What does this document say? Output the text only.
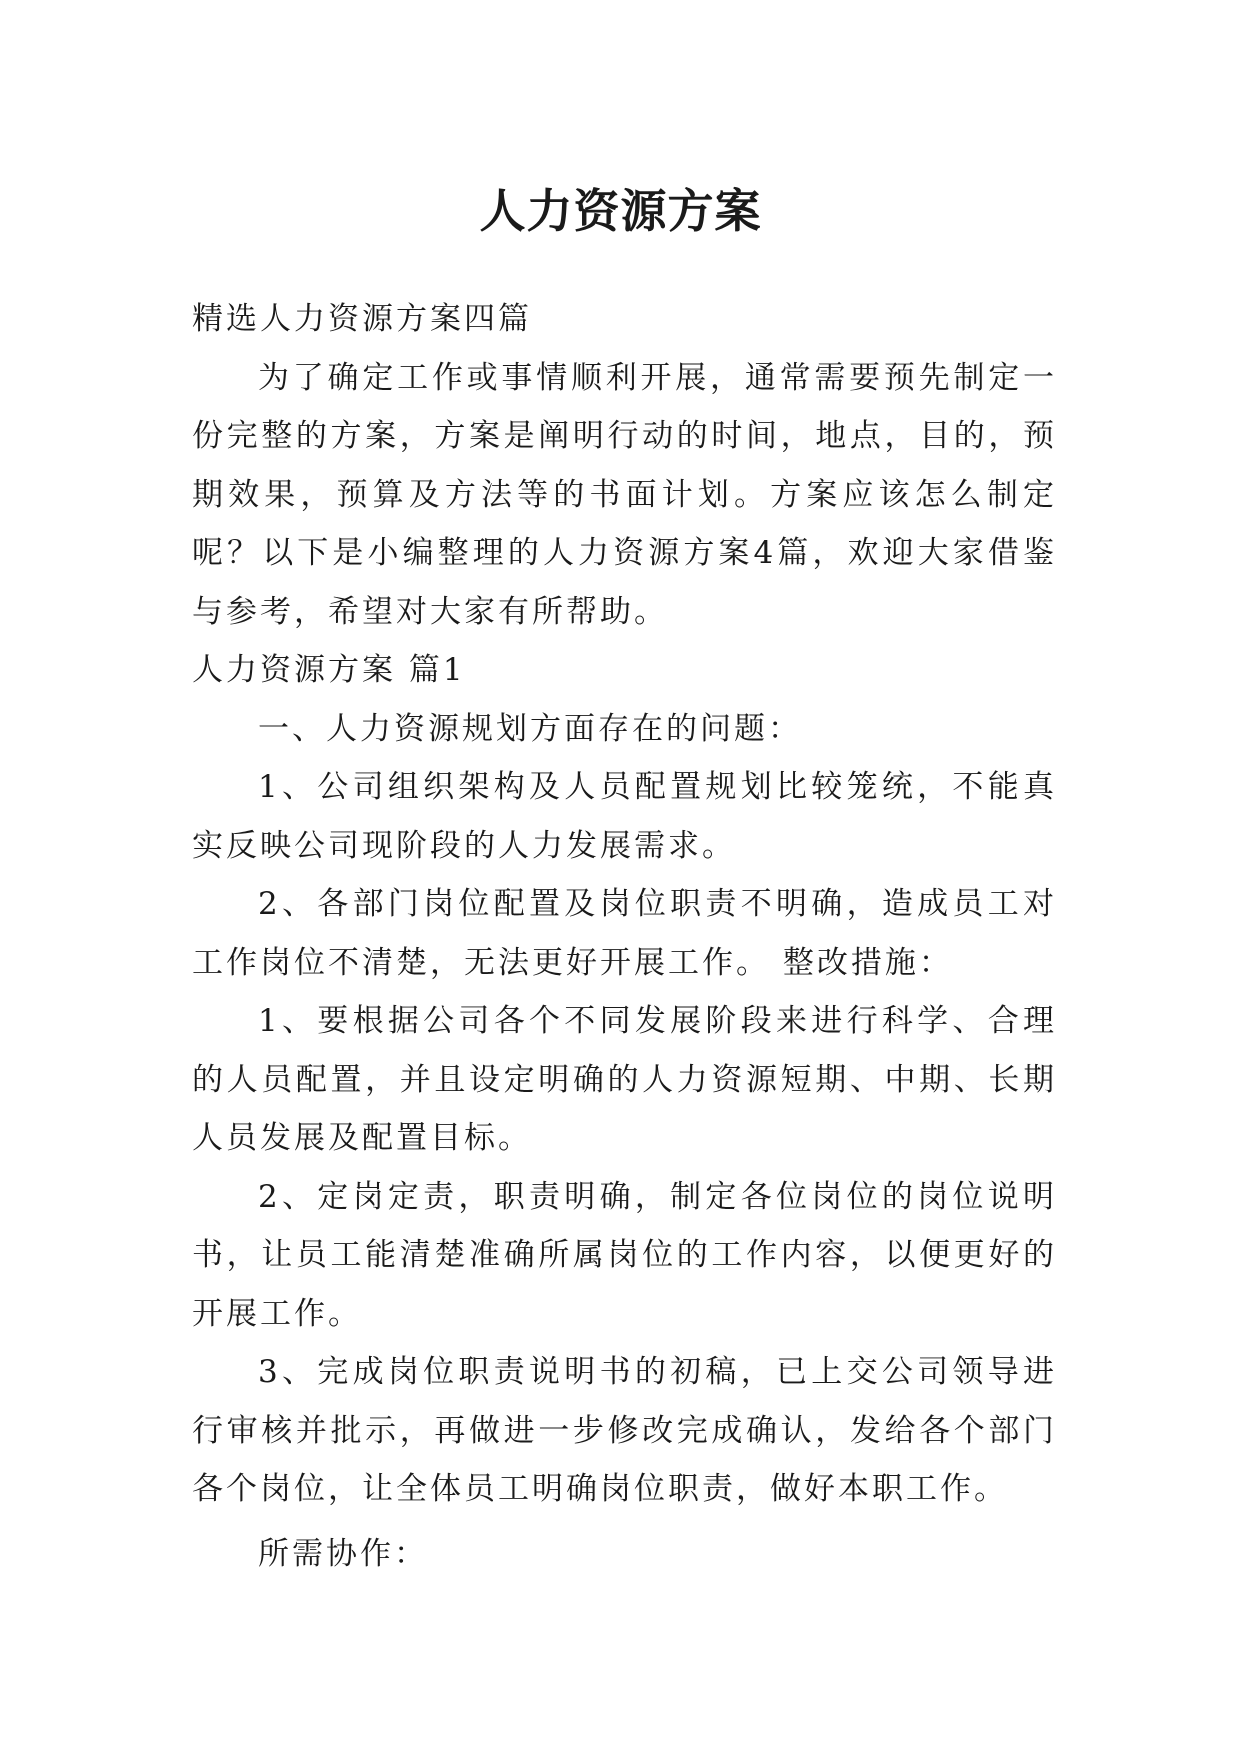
人力资源方案

精选人力资源方案四篇

为了确定工作或事情顺利开展，通常需要预先制定一份完整的方案，方案是阐明行动的时间，地点，目的，预期效果，预算及方法等的书面计划。方案应该怎么制定呢？以下是小编整理的人力资源方案4篇，欢迎大家借鉴与参考，希望对大家有所帮助。

人力资源方案 篇1

一、人力资源规划方面存在的问题：

1、公司组织架构及人员配置规划比较笼统，不能真实反映公司现阶段的人力发展需求。

2、各部门岗位配置及岗位职责不明确，造成员工对工作岗位不清楚，无法更好开展工作。 整改措施：

1、要根据公司各个不同发展阶段来进行科学、合理的人员配置，并且设定明确的人力资源短期、中期、长期人员发展及配置目标。

2、定岗定责，职责明确，制定各位岗位的岗位说明书，让员工能清楚准确所属岗位的工作内容，以便更好的开展工作。

3、完成岗位职责说明书的初稿，已上交公司领导进行审核并批示，再做进一步修改完成确认，发给各个部门各个岗位，让全体员工明确岗位职责，做好本职工作。

所需协作：
